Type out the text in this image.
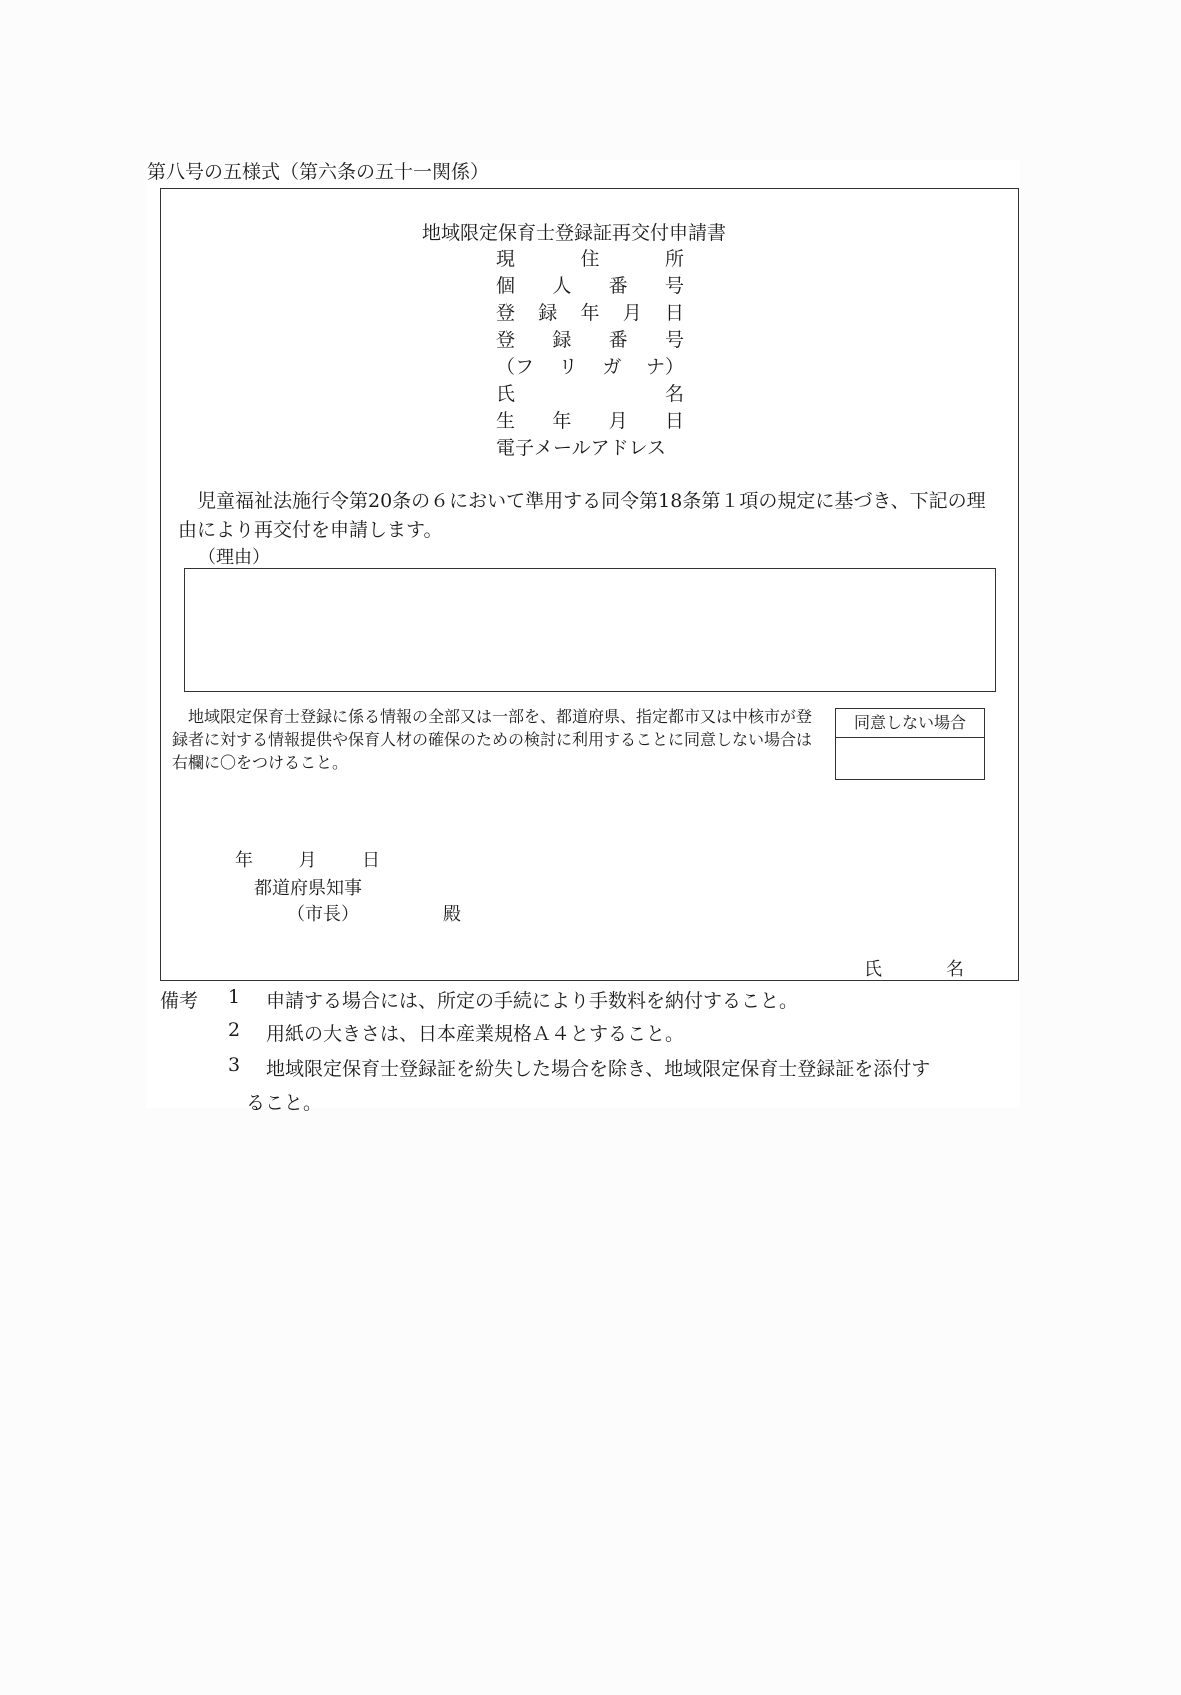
第八号の五様式（第六条の五十一関係）
地域限定保育士登録証再交付申請書
現	住	所
個 人 番 号
登 録 年 月 日
登 録 番 号
（フ リ ガ ナ）
氏	名
生 年 月 日
電子メールアドレス
　児童福祉法施行令第20条の６において準用する同令第18条第１項の規定に基づき、下記の理由により再交付を申請します。
（理由）
　地域限定保育士登録に係る情報の全部又は一部を、都道府県、指定都市又は中核市が登録者に対する情報提供や保育人材の確保のための検討に利用することに同意しない場合は右欄に〇をつけること。
同意しない場合
年	月	日
都道府県知事
（市長）	殿
氏	名
備考 1 申請する場合には、所定の手続により手数料を納付すること。
2 用紙の大きさは、日本産業規格Ａ４とすること。
3 地域限定保育士登録証を紛失した場合を除き、地域限定保育士登録証を添付す
ること。
